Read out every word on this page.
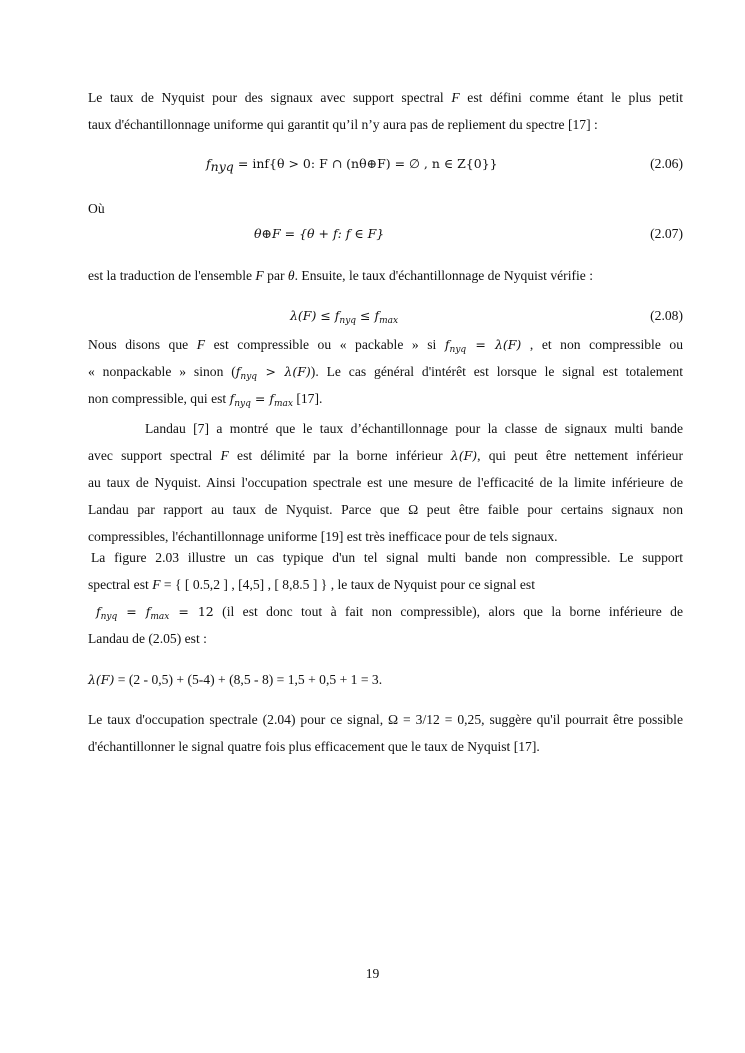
Le taux de Nyquist pour des signaux avec support spectral F est défini comme étant le plus petit
taux d'échantillonnage uniforme qui garantit qu’il n’y aura pas de repliement du spectre [17] :
$f_{nyq} = inf\{\theta > 0$: F ∩ (nθ⊕F) = ∅ , n ∈ Z{0}}	(2.06)
Où
θ⊕F = {θ + f: f ∈ F}	(2.07)
est la traduction de l'ensemble F par θ. Ensuite, le taux d'échantillonnage de Nyquist vérifie :
$\lambda(F) \le f_{nyq} \le f_{max}$	(2.08)
Nous disons que F est compressible ou « packable » si $f_{nyq} = \lambda(F)$ , et non compressible ou
« nonpackable » sinon $(f_{nyq} > \lambda(F))$. Le cas général d'intérêt est lorsque le signal est totalement
non compressible, qui est $f_{nyq} = f_{max}$ [17].
Landau [7] a montré que le taux d’échantillonnage pour la classe de signaux multi bande
avec support spectral F est délimité par la borne inférieur λ(F), qui peut être nettement inférieur
au taux de Nyquist. Ainsi l'occupation spectrale est une mesure de l'efficacité de la limite inférieure de Landau par rapport au taux de Nyquist. Parce que Ω peut être faible pour certains signaux non compressibles, l'échantillonnage uniforme [19] est très inefficace pour de tels signaux.
La figure 2.03 illustre un cas typique d'un tel signal multi bande non compressible. Le support
spectral est F = { [ 0.5,2 ] , [4,5] , [ 8,8.5 ] } , le taux de Nyquist pour ce signal est
$f_{nyq} = f_{max} = 12$ (il est donc tout à fait non compressible), alors que la borne inférieure de
Landau de (2.05) est :
λ(F) = (2 - 0,5) + (5-4) + (8,5 - 8) = 1,5 + 0,5 + 1 = 3.
Le taux d'occupation spectrale (2.04) pour ce signal, Ω = 3/12 = 0,25, suggère qu'il pourrait être possible d'échantillonner le signal quatre fois plus efficacement que le taux de Nyquist [17].
19
